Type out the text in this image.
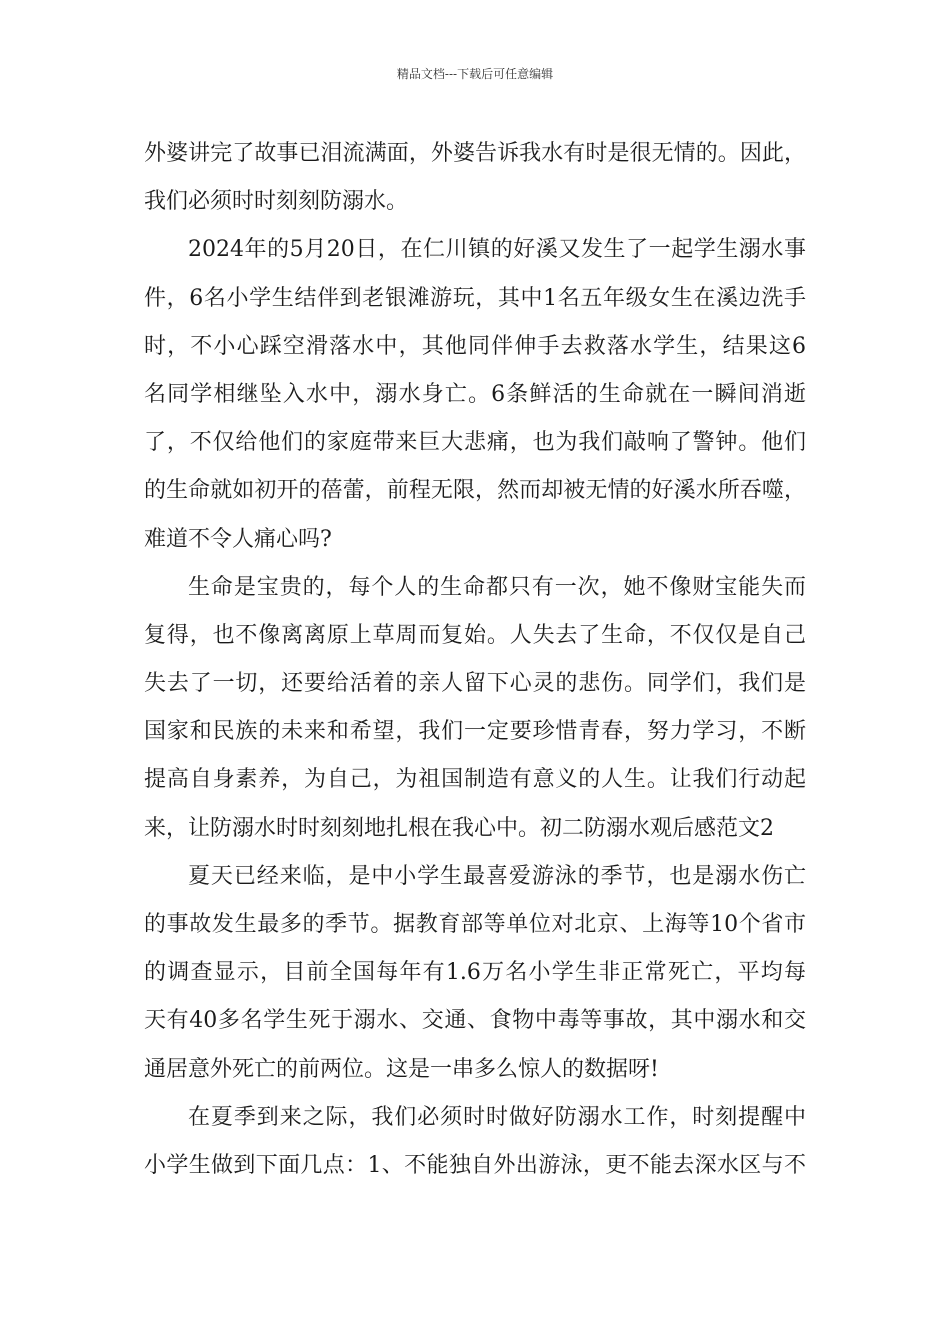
精品文档---下载后可任意编辑
外婆讲完了故事已泪流满面，外婆告诉我水有时是很无情的。因此，
我们必须时时刻刻防溺水。
2024年的5月20日，在仁川镇的好溪又发生了一起学生溺水事
件，6名小学生结伴到老银滩游玩，其中1名五年级女生在溪边洗手
时，不小心踩空滑落水中，其他同伴伸手去救落水学生，结果这6
名同学相继坠入水中，溺水身亡。6条鲜活的生命就在一瞬间消逝
了，不仅给他们的家庭带来巨大悲痛，也为我们敲响了警钟。他们
的生命就如初开的蓓蕾，前程无限，然而却被无情的好溪水所吞噬，
难道不令人痛心吗?
生命是宝贵的，每个人的生命都只有一次，她不像财宝能失而
复得，也不像离离原上草周而复始。人失去了生命，不仅仅是自己
失去了一切，还要给活着的亲人留下心灵的悲伤。同学们，我们是
国家和民族的未来和希望，我们一定要珍惜青春，努力学习，不断
提高自身素养，为自己，为祖国制造有意义的人生。让我们行动起
来，让防溺水时时刻刻地扎根在我心中。初二防溺水观后感范文2
夏天已经来临，是中小学生最喜爱游泳的季节，也是溺水伤亡
的事故发生最多的季节。据教育部等单位对北京、上海等10个省市
的调查显示，目前全国每年有1.6万名小学生非正常死亡，平均每
天有40多名学生死于溺水、交通、食物中毒等事故，其中溺水和交
通居意外死亡的前两位。这是一串多么惊人的数据呀!
在夏季到来之际，我们必须时时做好防溺水工作，时刻提醒中
小学生做到下面几点：1、不能独自外出游泳，更不能去深水区与不
